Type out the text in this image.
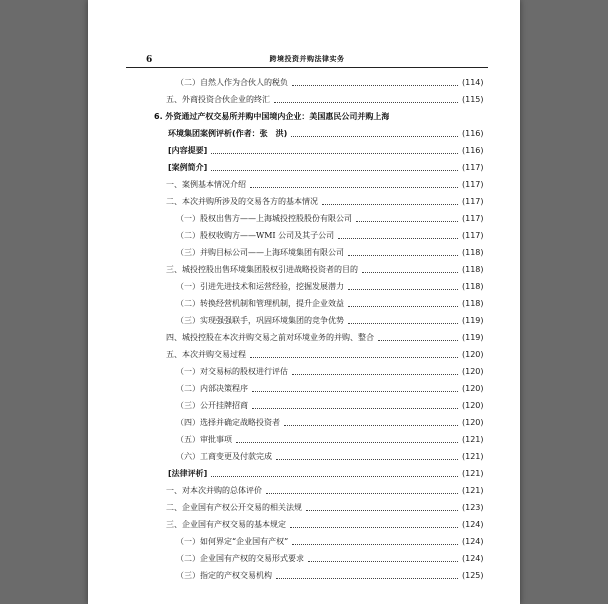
6	跨境投资并购法律实务
（二）自然人作为合伙人的税负	(114)
五、外商投资合伙企业的终汇	(115)
6. 外资通过产权交易所并购中国境内企业：美国惠民公司并购上海
环境集团案例评析(作者：张　洪)	(116)
[内容提要]	(116)
[案例简介]	(117)
一、案例基本情况介绍	(117)
二、本次并购所涉及的交易各方的基本情况	(117)
（一）股权出售方——上海城投控股股份有限公司	(117)
（二）股权收购方——WMI 公司及其子公司	(117)
（三）并购目标公司——上海环境集团有限公司	(118)
三、城投控股出售环境集团股权引进战略投资者的目的	(118)
（一）引进先进技术和运营经验，挖掘发展潜力	(118)
（二）转换经营机制和管理机制，提升企业效益	(118)
（三）实现强强联手，巩固环境集团的竞争优势	(119)
四、城投控股在本次并购交易之前对环境业务的并购、整合	(119)
五、本次并购交易过程	(120)
（一）对交易标的股权进行评估	(120)
（二）内部决策程序	(120)
（三）公开挂牌招商	(120)
（四）选择并确定战略投资者	(120)
（五）审批事项	(121)
（六）工商变更及付款完成	(121)
[法律评析]	(121)
一、对本次并购的总体评价	(121)
二、企业国有产权公开交易的相关法规	(123)
三、企业国有产权交易的基本规定	(124)
（一）如何界定“企业国有产权”	(124)
（二）企业国有产权的交易形式要求	(124)
（三）指定的产权交易机构	(125)
